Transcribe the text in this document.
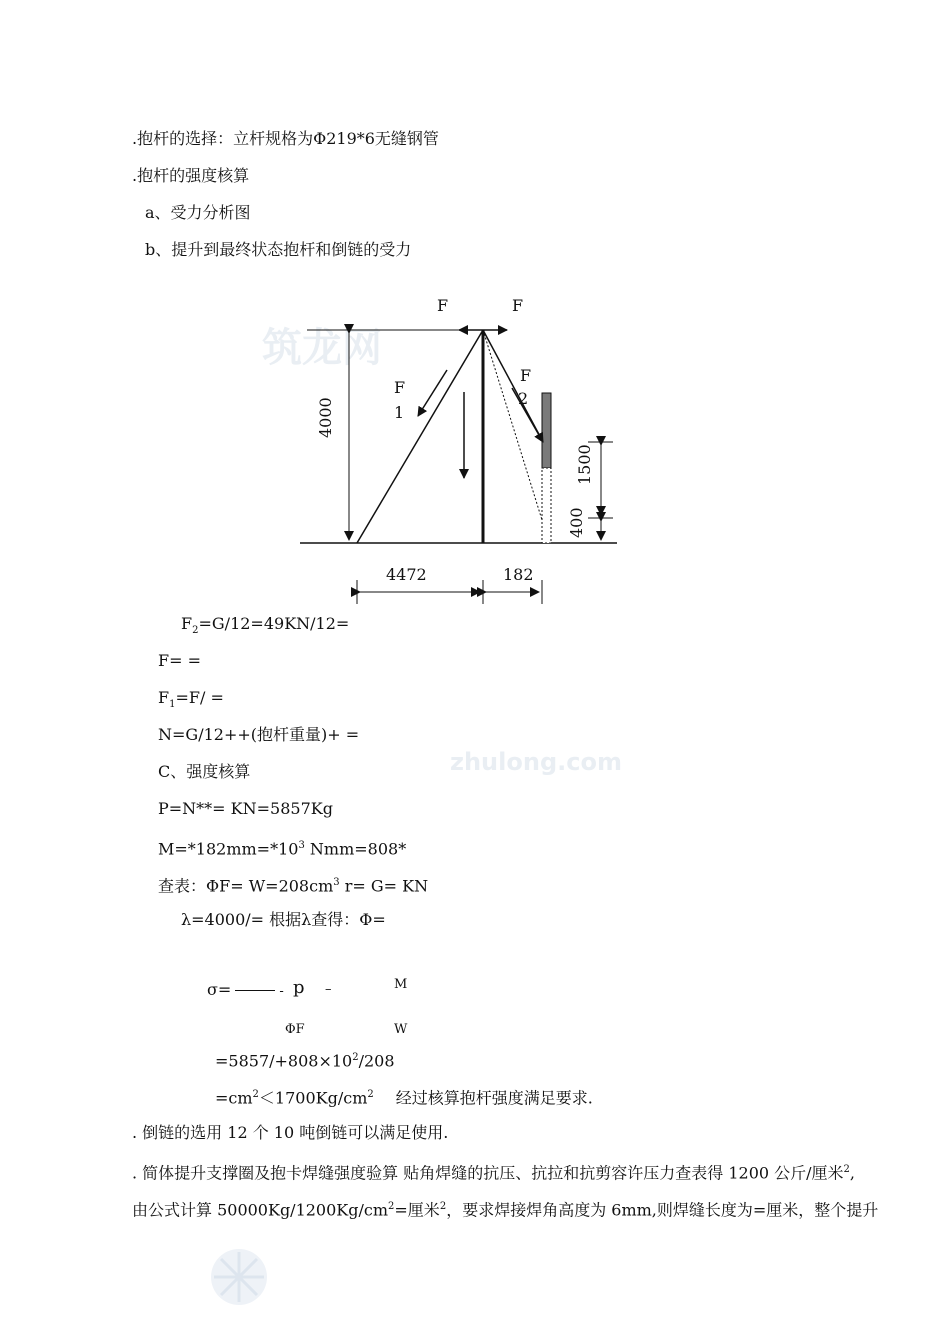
筑龙网
zhulong.com
.抱杆的选择：立杆规格为Φ219*6无缝钢管
.抱杆的强度核算
a、受力分析图
b、提升到最终状态抱杆和倒链的受力
F	F
F
1
F
2
4000
1500
400
4472	182
$F_2=G/12=49KN/12=$
F= =
$F_1=F/$ =
N=G/12++(抱杆重量)+ =
C、强度核算
P=N**= KN=5857Kg
$M=*182mm=*10^3$ Nmm=808*
查表：$\Phi F= W=208cm^3$ r= G= KN
λ=4000/= 根据λ查得：Φ=
σ=	- p –	M
ΦF	W
$=5857/+808\times 10^2/208$
$=cm^2<1700Kg/cm^2$ 经过核算抱杆强度满足要求.
. 倒链的选用 12 个 10 吨倒链可以满足使用.
. 简体提升支撑圈及抱卡焊缝强度验算 贴角焊缝的抗压、抗拉和抗剪容许压力查表得 1200 公斤/厘米$^2$,
由公式计算 $50000Kg/1200Kg/cm^2=$厘米$^2$，要求焊接焊角高度为 6mm,则焊缝长度为=厘米，整个提升
